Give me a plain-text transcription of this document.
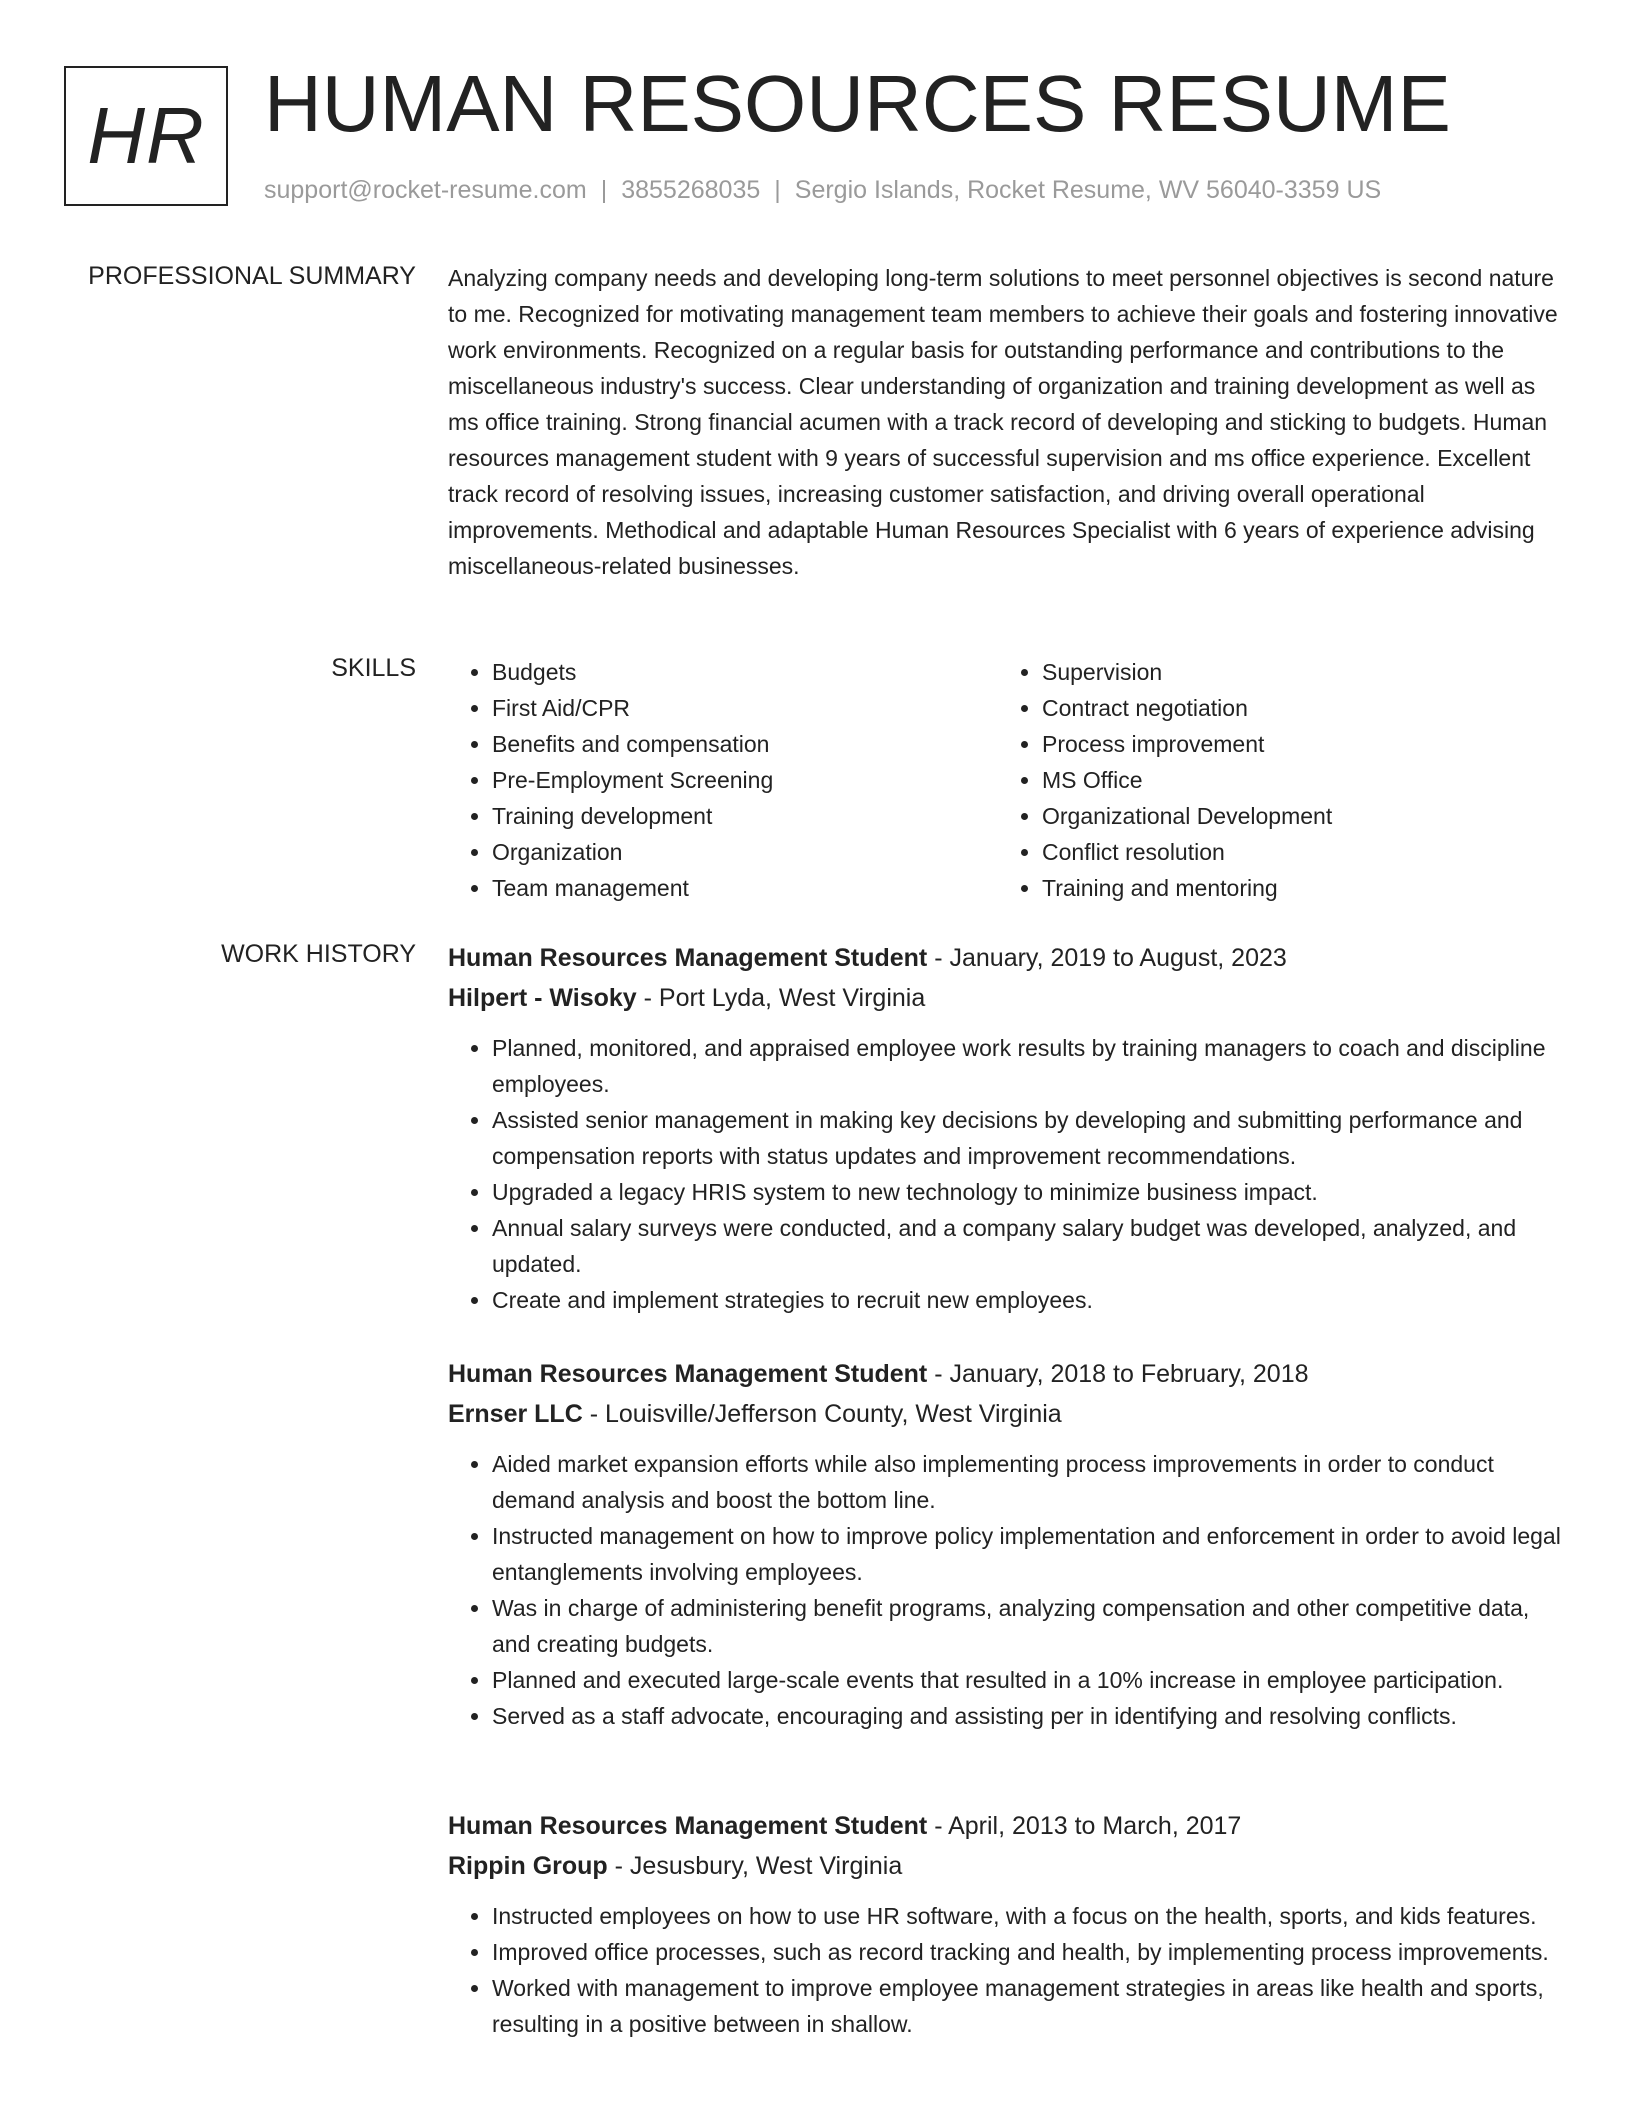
HR HUMAN RESOURCES RESUME
support@rocket-resume.com | 3855268035 | Sergio Islands, Rocket Resume, WV 56040-3359 US
PROFESSIONAL SUMMARY Analyzing company needs and developing long-term solutions to meet personnel objectives is second nature to me. Recognized for motivating management team members to achieve their goals and fostering innovative work environments. Recognized on a regular basis for outstanding performance and contributions to the miscellaneous industry's success. Clear understanding of organization and training development as well as ms office training. Strong financial acumen with a track record of developing and sticking to budgets. Human resources management student with 9 years of successful supervision and ms office experience. Excellent track record of resolving issues, increasing customer satisfaction, and driving overall operational improvements. Methodical and adaptable Human Resources Specialist with 6 years of experience advising miscellaneous-related businesses.

SKILLS
•	Budgets
• First Aid/CPR
• Benefits and compensation
• Pre-Employment Screening
• Training development
• Organization
• Team management
• Supervision
• Contract negotiation
• Process improvement
• MS Office
• Organizational Development
• Conflict resolution
• Training and mentoring
WORK HISTORY Human Resources Management Student - January, 2019 to August, 2023

Hilpert - Wisoky - Port Lyda, West Virginia

• Planned, monitored, and appraised employee work results by training managers to coach and discipline employees.
• Assisted senior management in making key decisions by developing and submitting performance and compensation reports with status updates and improvement recommendations.
• Upgraded a legacy HRIS system to new technology to minimize business impact.
• Annual salary surveys were conducted, and a company salary budget was developed, analyzed, and updated.
• Create and implement strategies to recruit new employees.

Human Resources Management Student - January, 2018 to February, 2018

Ernser LLC - Louisville/Jefferson County, West Virginia

• Aided market expansion efforts while also implementing process improvements in order to conduct demand analysis and boost the bottom line.
• Instructed management on how to improve policy implementation and enforcement in order to avoid legal entanglements involving employees.
• Was in charge of administering benefit programs, analyzing compensation and other competitive data, and creating budgets.
• Planned and executed large-scale events that resulted in a 10% increase in employee participation.
• Served as a staff advocate, encouraging and assisting per in identifying and resolving conflicts.

Human Resources Management Student - April, 2013 to March, 2017

Rippin Group - Jesusbury, West Virginia

• Instructed employees on how to use HR software, with a focus on the health, sports, and kids features.
• Improved office processes, such as record tracking and health, by implementing process improvements.
• Worked with management to improve employee management strategies in areas like health and sports, resulting in a positive between in shallow.
